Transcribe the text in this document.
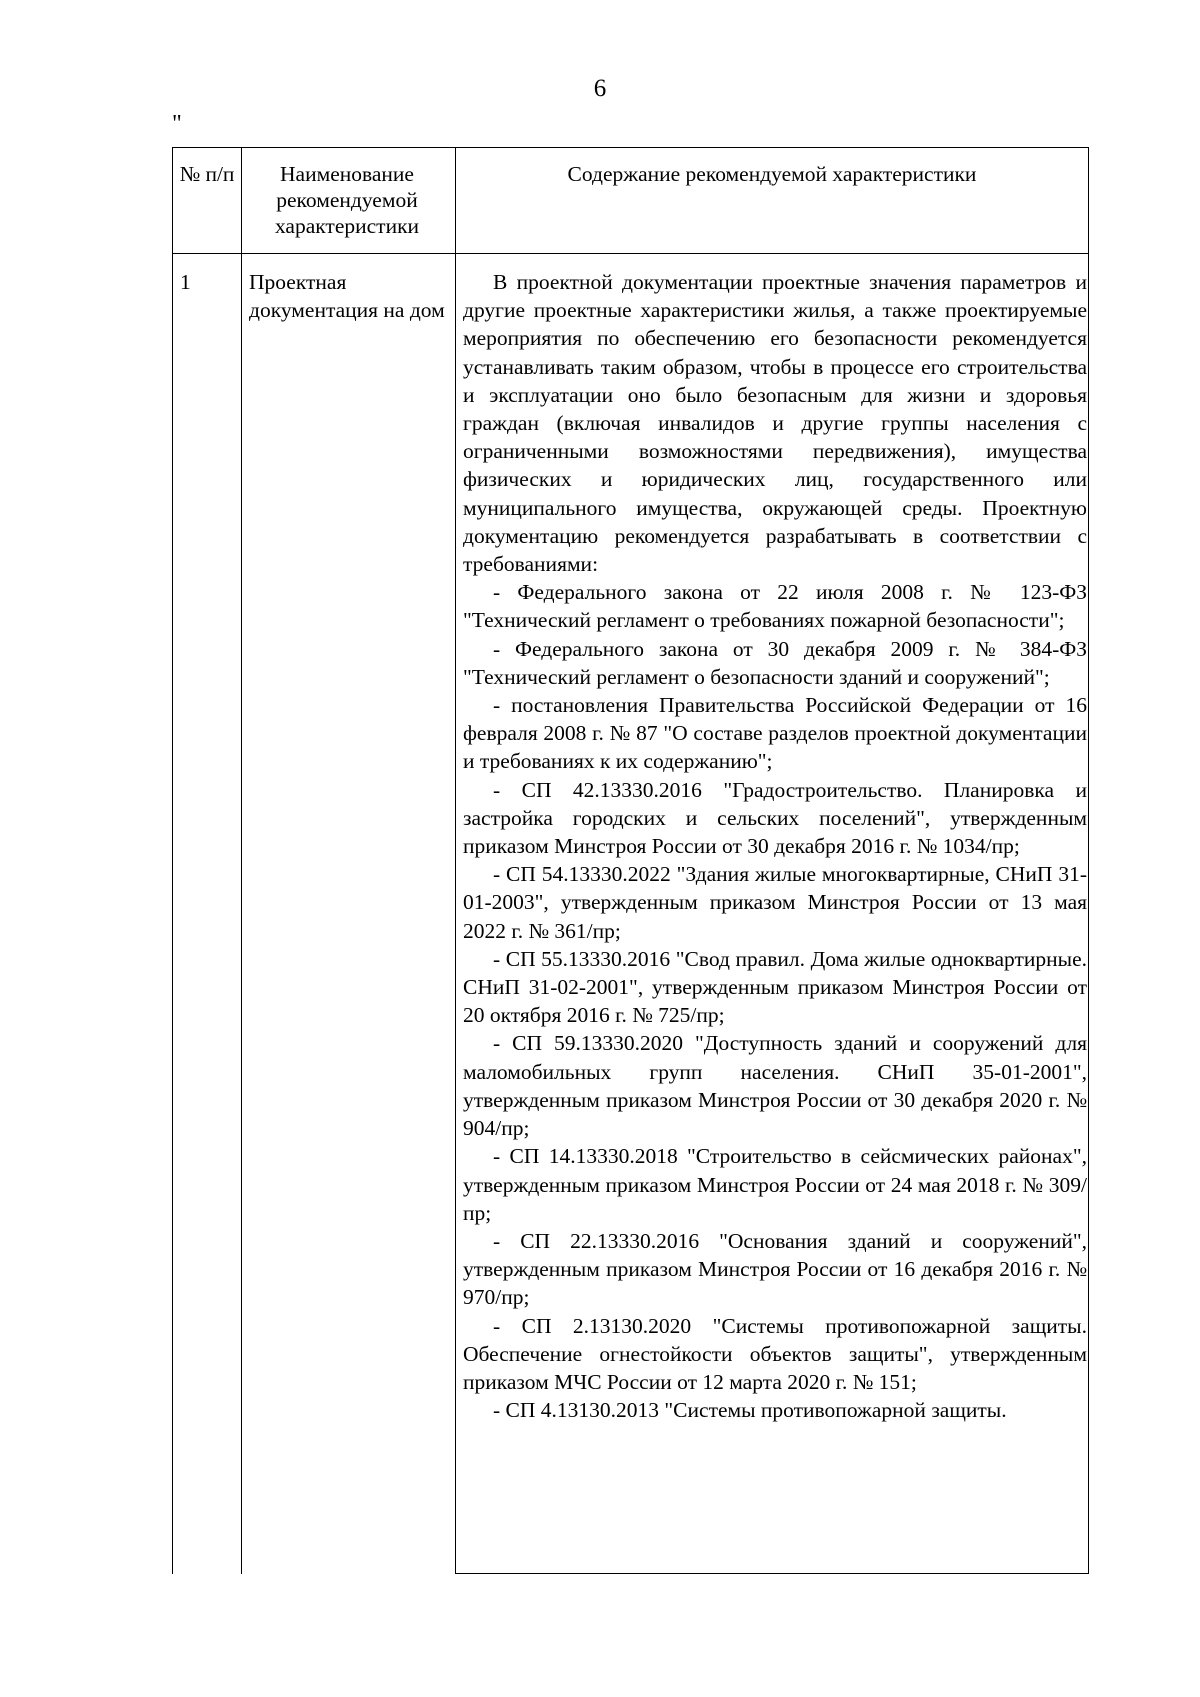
6
"
№ п/п	Наименование рекомендуемой характеристики
Содержание рекомендуемой характеристики
1	Проектная документация на дом

В проектной документации проектные значения параметров и другие проектные характеристики жилья, а также проектируемые мероприятия по обеспечению его безопасности рекомендуется устанавливать таким образом, чтобы в процессе его строительства и эксплуатации оно было безопасным для жизни и здоровья граждан (включая инвалидов и другие группы населения с ограниченными возможностями передвижения), имущества физических и юридических лиц, государственного или муниципального имущества, окружающей среды. Проектную документацию рекомендуется разрабатывать в соответствии с требованиями:

- Федерального закона от 22 июля 2008 г. № 123-ФЗ "Технический регламент о требованиях пожарной безопасности";

- Федерального закона от 30 декабря 2009 г. № 384-ФЗ "Технический регламент о безопасности зданий и сооружений";

- постановления Правительства Российской Федерации от 16 февраля 2008 г. № 87 "О составе разделов проектной документации и требованиях к их содержанию";

- СП 42.13330.2016 "Градостроительство. Планировка и застройка городских и сельских поселений", утвержденным приказом Минстроя России от 30 декабря 2016 г. № 1034/пр;

- СП 54.13330.2022 "Здания жилые многоквартирные, СНиП 31-01-2003", утвержденным приказом Минстроя России от 13 мая 2022 г. № 361/пр;

- СП 55.13330.2016 "Свод правил. Дома жилые одноквартирные. СНиП 31-02-2001", утвержденным приказом Минстроя России от 20 октября 2016 г. № 725/пр;

- СП 59.13330.2020 "Доступность зданий и сооружений для маломобильных групп населения. СНиП 35-01-2001", утвержденным приказом Минстроя России от 30 декабря 2020 г. № 904/пр;

- СП 14.13330.2018 "Строительство в сейсмических районах", утвержденным приказом Минстроя России от 24 мая 2018 г. № 309/пр;

- СП 22.13330.2016 "Основания зданий и сооружений", утвержденным приказом Минстроя России от 16 декабря 2016 г. № 970/пр;

- СП 2.13130.2020 "Системы противопожарной защиты. Обеспечение огнестойкости объектов защиты", утвержденным приказом МЧС России от 12 марта 2020 г. № 151;

- СП 4.13130.2013 "Системы противопожарной защиты.
